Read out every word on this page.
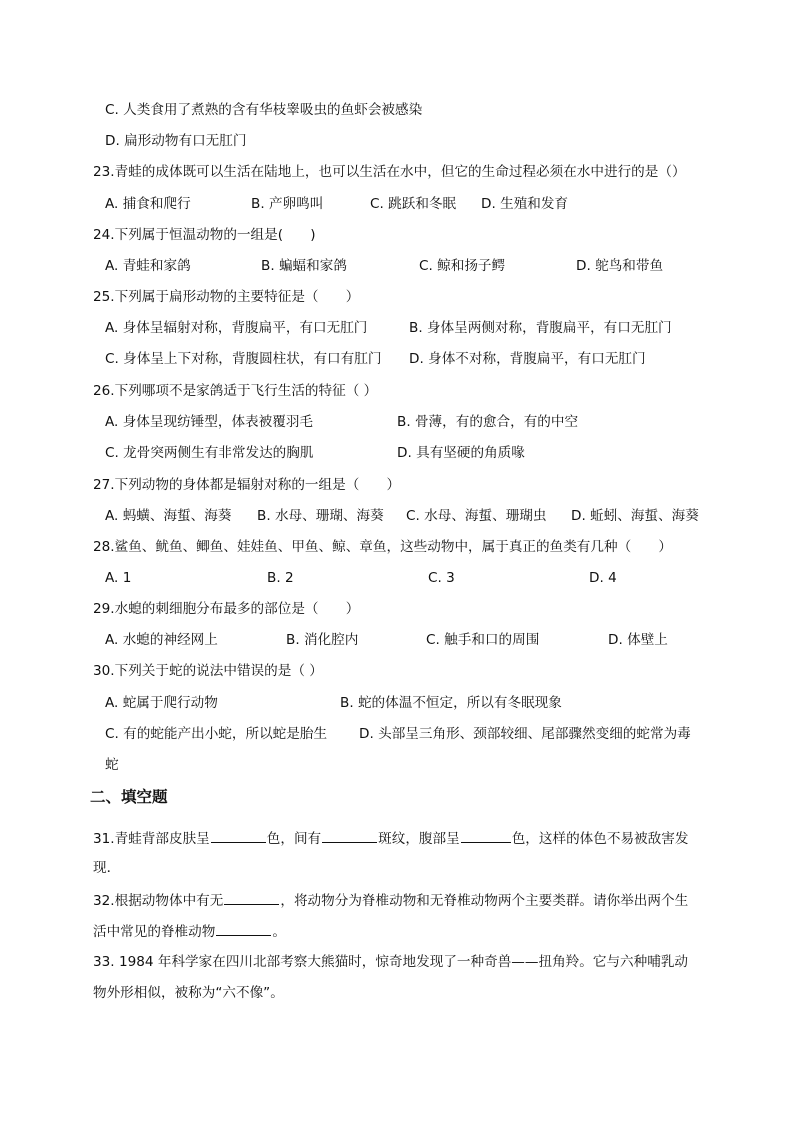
C. 人类食用了煮熟的含有华枝睾吸虫的鱼虾会被感染
D. 扁形动物有口无肛门
23.青蛙的成体既可以生活在陆地上，也可以生活在水中，但它的生命过程必须在水中进行的是（）
A. 捕食和爬行	B. 产卵鸣叫	C. 跳跃和冬眠 D. 生殖和发育
24.下列属于恒温动物的一组是(　　)
A. 青蛙和家鸽	B. 蝙蝠和家鸽	C. 鲸和扬子鳄	D. 鸵鸟和带鱼
25.下列属于扁形动物的主要特征是（　　）
A. 身体呈辐射对称，背腹扁平，有口无肛门	B. 身体呈两侧对称，背腹扁平，有口无肛门
C. 身体呈上下对称，背腹圆柱状，有口有肛门 D. 身体不对称，背腹扁平，有口无肛门
26.下列哪项不是家鸽适于飞行生活的特征（ ）
A. 身体呈现纺锤型，体表被覆羽毛	B. 骨薄，有的愈合，有的中空
C. 龙骨突两侧生有非常发达的胸肌	D. 具有坚硬的角质喙
27.下列动物的身体都是辐射对称的一组是（　　）
A. 蚂蟥、海蜇、海葵 B. 水母、珊瑚、海葵 C. 水母、海蜇、珊瑚虫 D. 蚯蚓、海蜇、海葵
28.鲨鱼、鱿鱼、鲫鱼、娃娃鱼、甲鱼、鲸、章鱼，这些动物中，属于真正的鱼类有几种（　　）
A. 1	B. 2	C. 3	D. 4
29.水螅的刺细胞分布最多的部位是（　　）
A. 水螅的神经网上	B. 消化腔内	C. 触手和口的周围	D. 体壁上
30.下列关于蛇的说法中错误的是（ ）
A. 蛇属于爬行动物	B. 蛇的体温不恒定，所以有冬眠现象
C. 有的蛇能产出小蛇，所以蛇是胎生 D. 头部呈三角形、颈部较细、尾部骤然变细的蛇常为毒
蛇
二、填空题
31.青蛙背部皮肤呈	色，间有	斑纹，腹部呈	色，这样的体色不易被敌害发
现．
32.根据动物体中有无	，将动物分为脊椎动物和无脊椎动物两个主要类群。请你举出两个生
活中常见的脊椎动物	。
33. 1984 年科学家在四川北部考察大熊猫时，惊奇地发现了一种奇兽——扭角羚。它与六种哺乳动
物外形相似，被称为“六不像”。
